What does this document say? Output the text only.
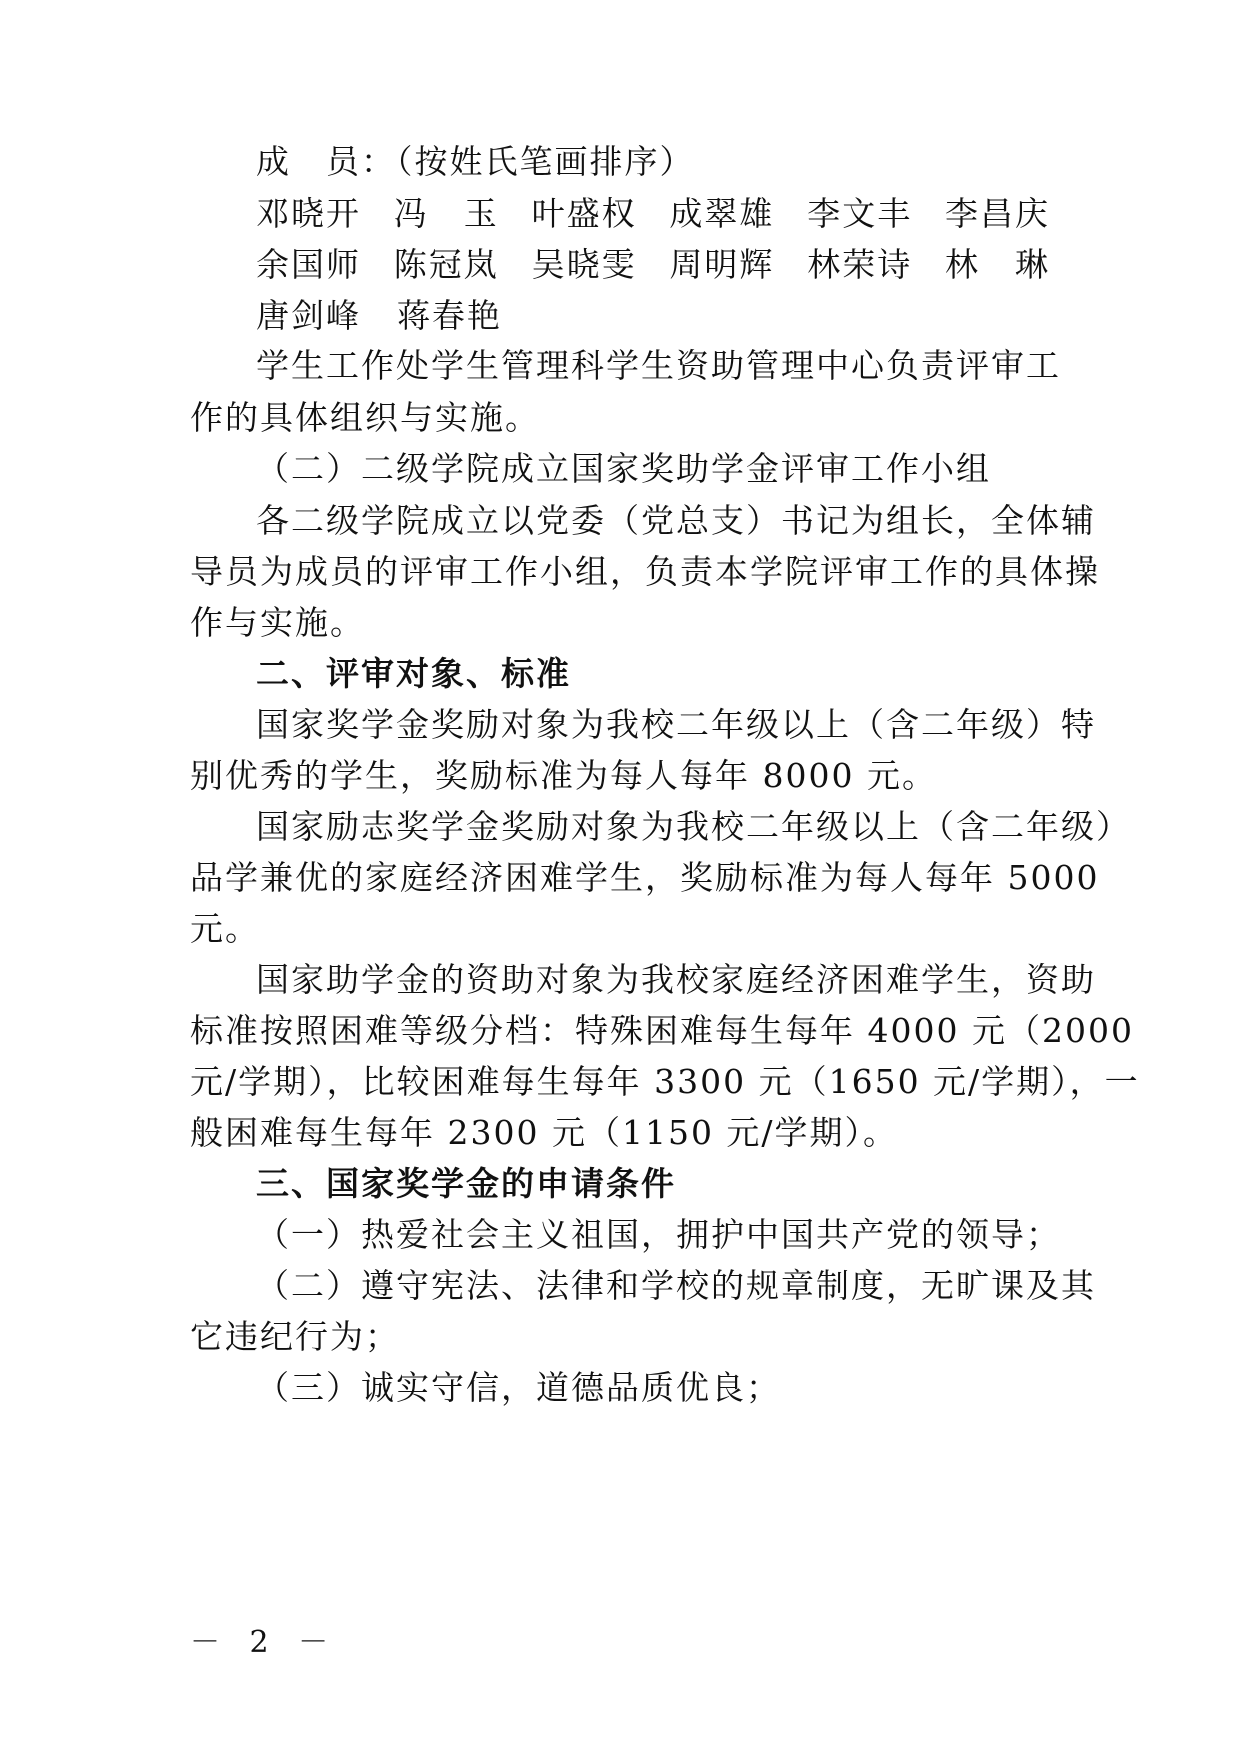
成　员：（按姓氏笔画排序）
邓晓开 冯　玉 叶盛权 成翠雄 李文丰 李昌庆
余国师 陈冠岚 吴晓雯 周明辉 林荣诗 林　琳
唐剑峰 蒋春艳
学生工作处学生管理科学生资助管理中心负责评审工
作的具体组织与实施。
（二）二级学院成立国家奖助学金评审工作小组
各二级学院成立以党委（党总支）书记为组长，全体辅
导员为成员的评审工作小组，负责本学院评审工作的具体操
作与实施。
二、评审对象、标准
国家奖学金奖励对象为我校二年级以上（含二年级）特
别优秀的学生，奖励标准为每人每年 8000 元。
国家励志奖学金奖励对象为我校二年级以上（含二年级）
品学兼优的家庭经济困难学生，奖励标准为每人每年 5000
元。
国家助学金的资助对象为我校家庭经济困难学生，资助
标准按照困难等级分档：特殊困难每生每年 4000 元（2000
元/学期），比较困难每生每年 3300 元（1650 元/学期），一
般困难每生每年 2300 元（1150 元/学期）。
三、国家奖学金的申请条件
（一）热爱社会主义祖国，拥护中国共产党的领导；
（二）遵守宪法、法律和学校的规章制度，无旷课及其
它违纪行为；
（三）诚实守信，道德品质优良；
－ 2 －
